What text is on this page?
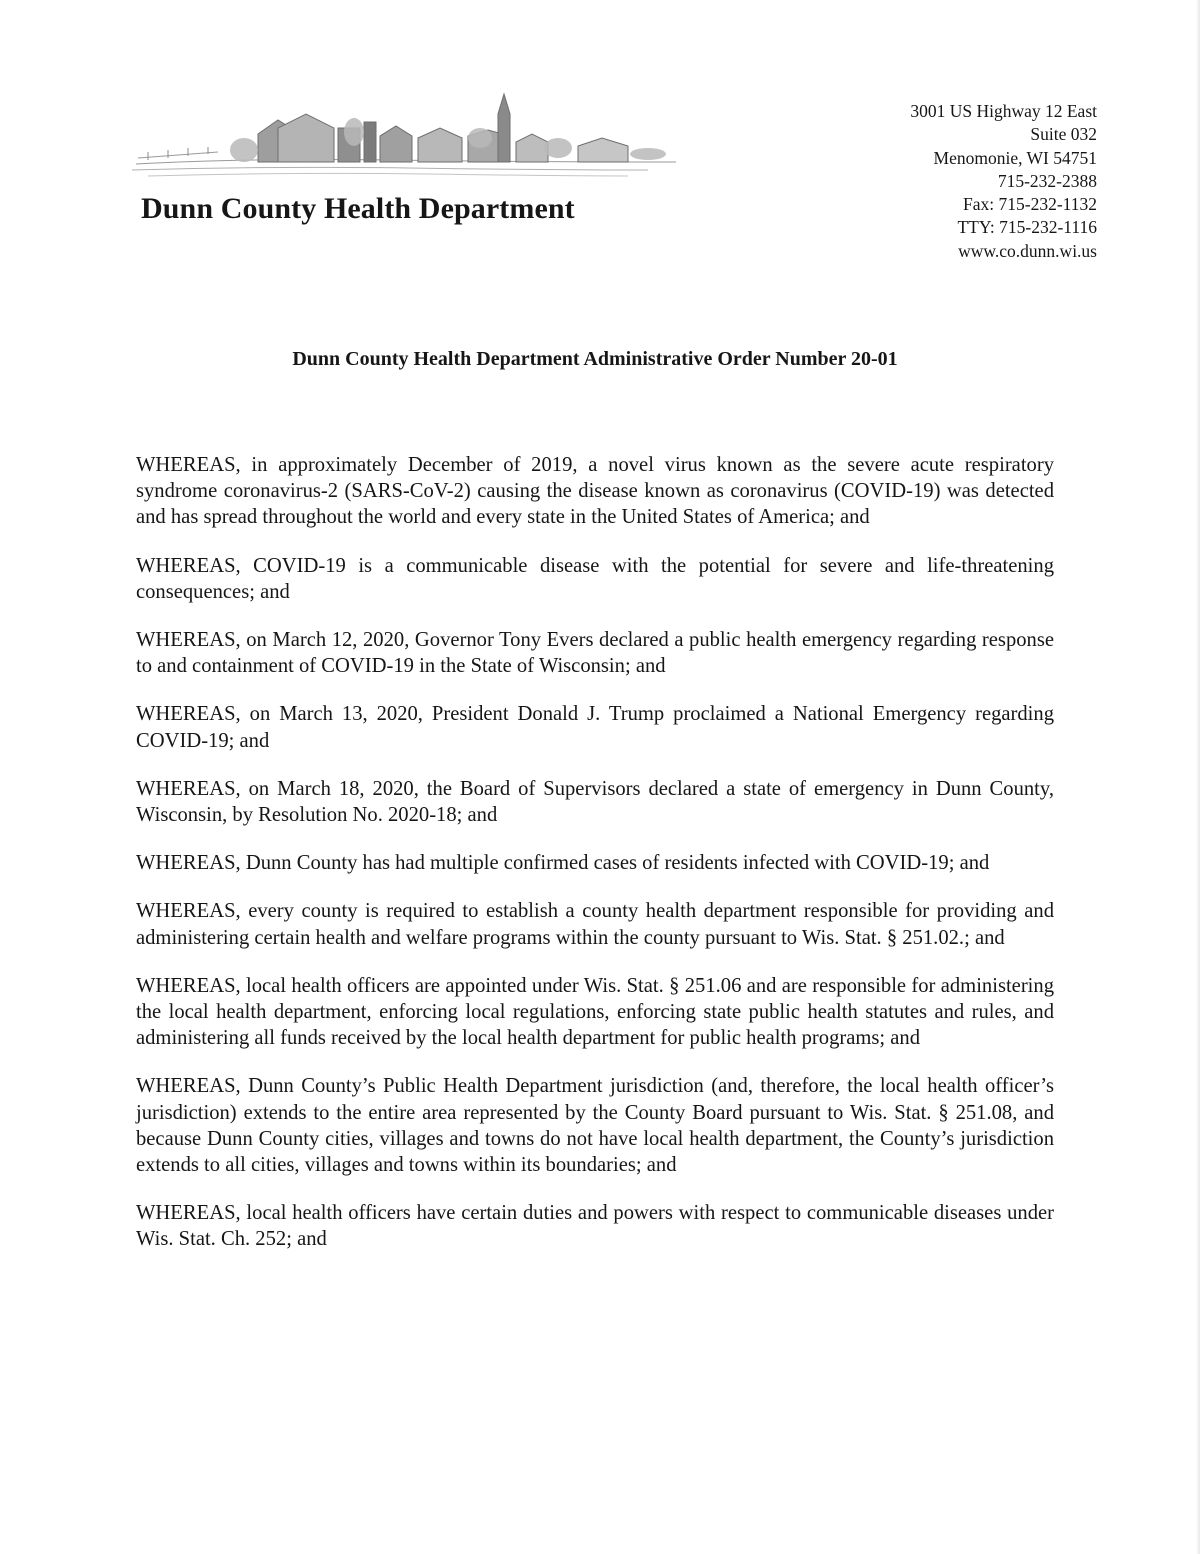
Dunn County Health Department
3001 US Highway 12 East
Suite 032
Menomonie, WI 54751
715-232-2388
Fax: 715-232-1132
TTY: 715-232-1116
www.co.dunn.wi.us
Dunn County Health Department Administrative Order Number 20-01

WHEREAS, in approximately December of 2019, a novel virus known as the severe acute respiratory syndrome coronavirus-2 (SARS-CoV-2) causing the disease known as coronavirus (COVID-19) was detected and has spread throughout the world and every state in the United States of America; and

WHEREAS, COVID-19 is a communicable disease with the potential for severe and life-threatening consequences; and

WHEREAS, on March 12, 2020, Governor Tony Evers declared a public health emergency regarding response to and containment of COVID-19 in the State of Wisconsin; and

WHEREAS, on March 13, 2020, President Donald J. Trump proclaimed a National Emergency regarding COVID-19; and

WHEREAS, on March 18, 2020, the Board of Supervisors declared a state of emergency in Dunn County, Wisconsin, by Resolution No. 2020-18; and

WHEREAS, Dunn County has had multiple confirmed cases of residents infected with COVID-19; and

WHEREAS, every county is required to establish a county health department responsible for providing and administering certain health and welfare programs within the county pursuant to Wis. Stat. § 251.02.; and

WHEREAS, local health officers are appointed under Wis. Stat. § 251.06 and are responsible for administering the local health department, enforcing local regulations, enforcing state public health statutes and rules, and administering all funds received by the local health department for public health programs; and

WHEREAS, Dunn County’s Public Health Department jurisdiction (and, therefore, the local health officer’s jurisdiction) extends to the entire area represented by the County Board pursuant to Wis. Stat. § 251.08, and because Dunn County cities, villages and towns do not have local health department, the County’s jurisdiction extends to all cities, villages and towns within its boundaries; and

WHEREAS, local health officers have certain duties and powers with respect to communicable diseases under Wis. Stat. Ch. 252; and
